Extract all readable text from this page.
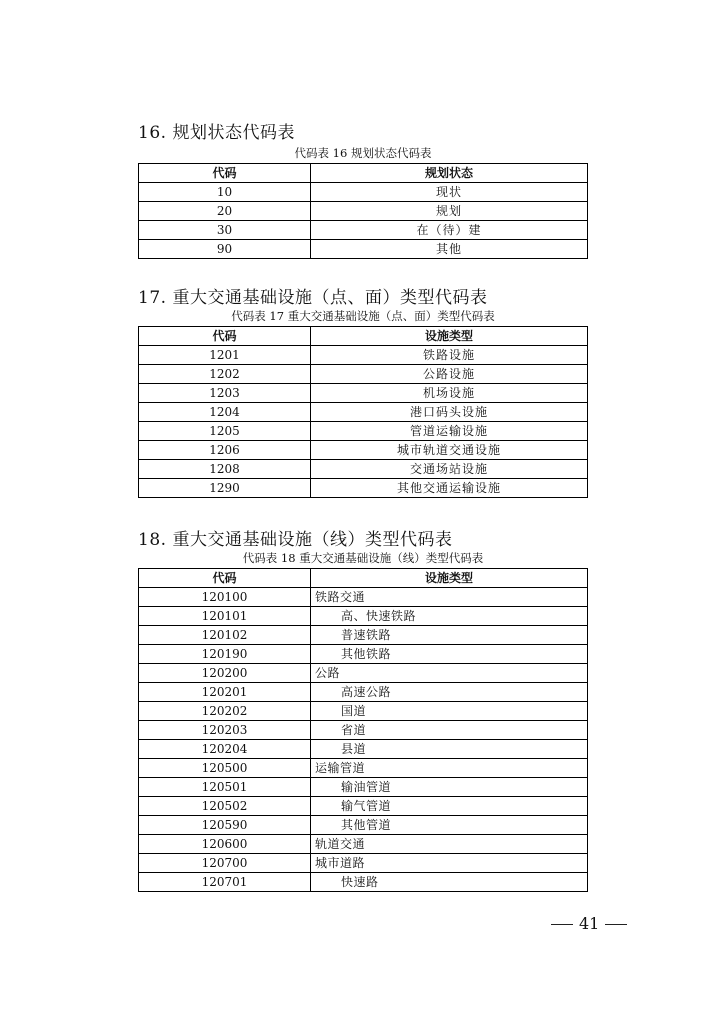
16. 规划状态代码表

代码表 16 规划状态代码表

代码	规划状态
10	现状
20	规划
30	在（待）建
90	其他
17. 重大交通基础设施（点、面）类型代码表

代码表 17 重大交通基础设施（点、面）类型代码表

代码	设施类型
1201	铁路设施
1202	公路设施
1203	机场设施
1204	港口码头设施
1205	管道运输设施
1206	城市轨道交通设施
1208	交通场站设施
1290	其他交通运输设施
18. 重大交通基础设施（线）类型代码表

代码表 18 重大交通基础设施（线）类型代码表

代码	设施类型
120100	铁路交通
120101	高、快速铁路
120102	普速铁路
120190	其他铁路
120200	公路
120201	高速公路
120202	国道
120203	省道
120204	县道
120500	运输管道
120501	输油管道
120502	输气管道
120590	其他管道
120600	轨道交通
120700	城市道路
120701	快速路
41
